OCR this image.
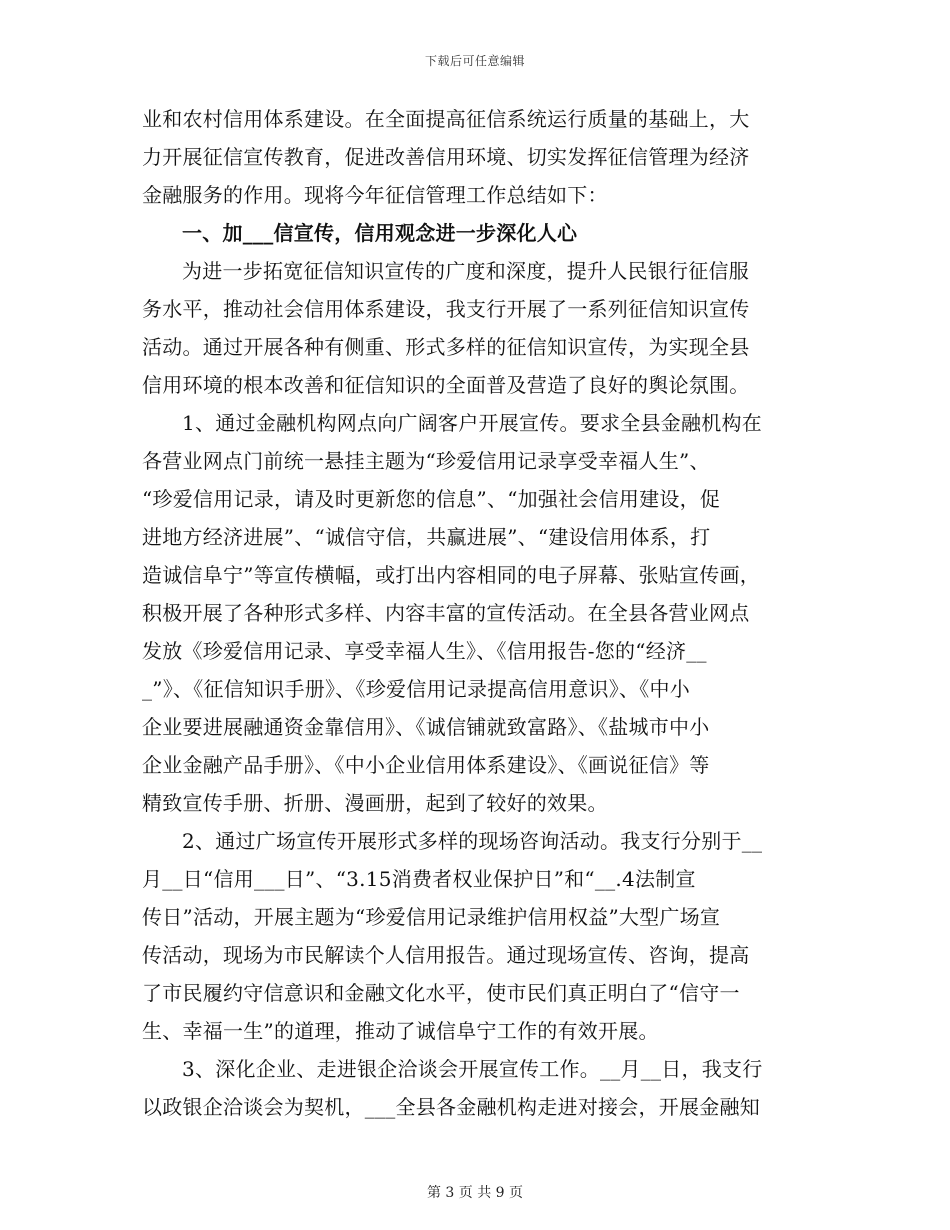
下载后可任意编辑
业和农村信用体系建设。在全面提高征信系统运行质量的基础上，大
力开展征信宣传教育，促进改善信用环境、切实发挥征信管理为经济
金融服务的作用。现将今年征信管理工作总结如下：
一、加___信宣传，信用观念进一步深化人心
为进一步拓宽征信知识宣传的广度和深度，提升人民银行征信服
务水平，推动社会信用体系建设，我支行开展了一系列征信知识宣传
活动。通过开展各种有侧重、形式多样的征信知识宣传，为实现全县
信用环境的根本改善和征信知识的全面普及营造了良好的舆论氛围。
1、通过金融机构网点向广阔客户开展宣传。要求全县金融机构在
各营业网点门前统一悬挂主题为“珍爱信用记录享受幸福人生”、
“珍爱信用记录，请及时更新您的信息”、“加强社会信用建设，促
进地方经济进展”、“诚信守信，共赢进展”、“建设信用体系，打
造诚信阜宁”等宣传横幅，或打出内容相同的电子屏幕、张贴宣传画，
积极开展了各种形式多样、内容丰富的宣传活动。在全县各营业网点
发放《珍爱信用记录、享受幸福人生》、《信用报告-您的“经济__
_”》、《征信知识手册》、《珍爱信用记录提高信用意识》、《中小
企业要进展融通资金靠信用》、《诚信铺就致富路》、《盐城市中小
企业金融产品手册》、《中小企业信用体系建设》、《画说征信》等
精致宣传手册、折册、漫画册，起到了较好的效果。
2、通过广场宣传开展形式多样的现场咨询活动。我支行分别于__
月__日“信用___日”、“3.15消费者权业保护日”和“__.4法制宣
传日”活动，开展主题为“珍爱信用记录维护信用权益”大型广场宣
传活动，现场为市民解读个人信用报告。通过现场宣传、咨询，提高
了市民履约守信意识和金融文化水平，使市民们真正明白了“信守一
生、幸福一生”的道理，推动了诚信阜宁工作的有效开展。
3、深化企业、走进银企洽谈会开展宣传工作。__月__日，我支行
以政银企洽谈会为契机，___全县各金融机构走进对接会，开展金融知
第 3 页 共 9 页
